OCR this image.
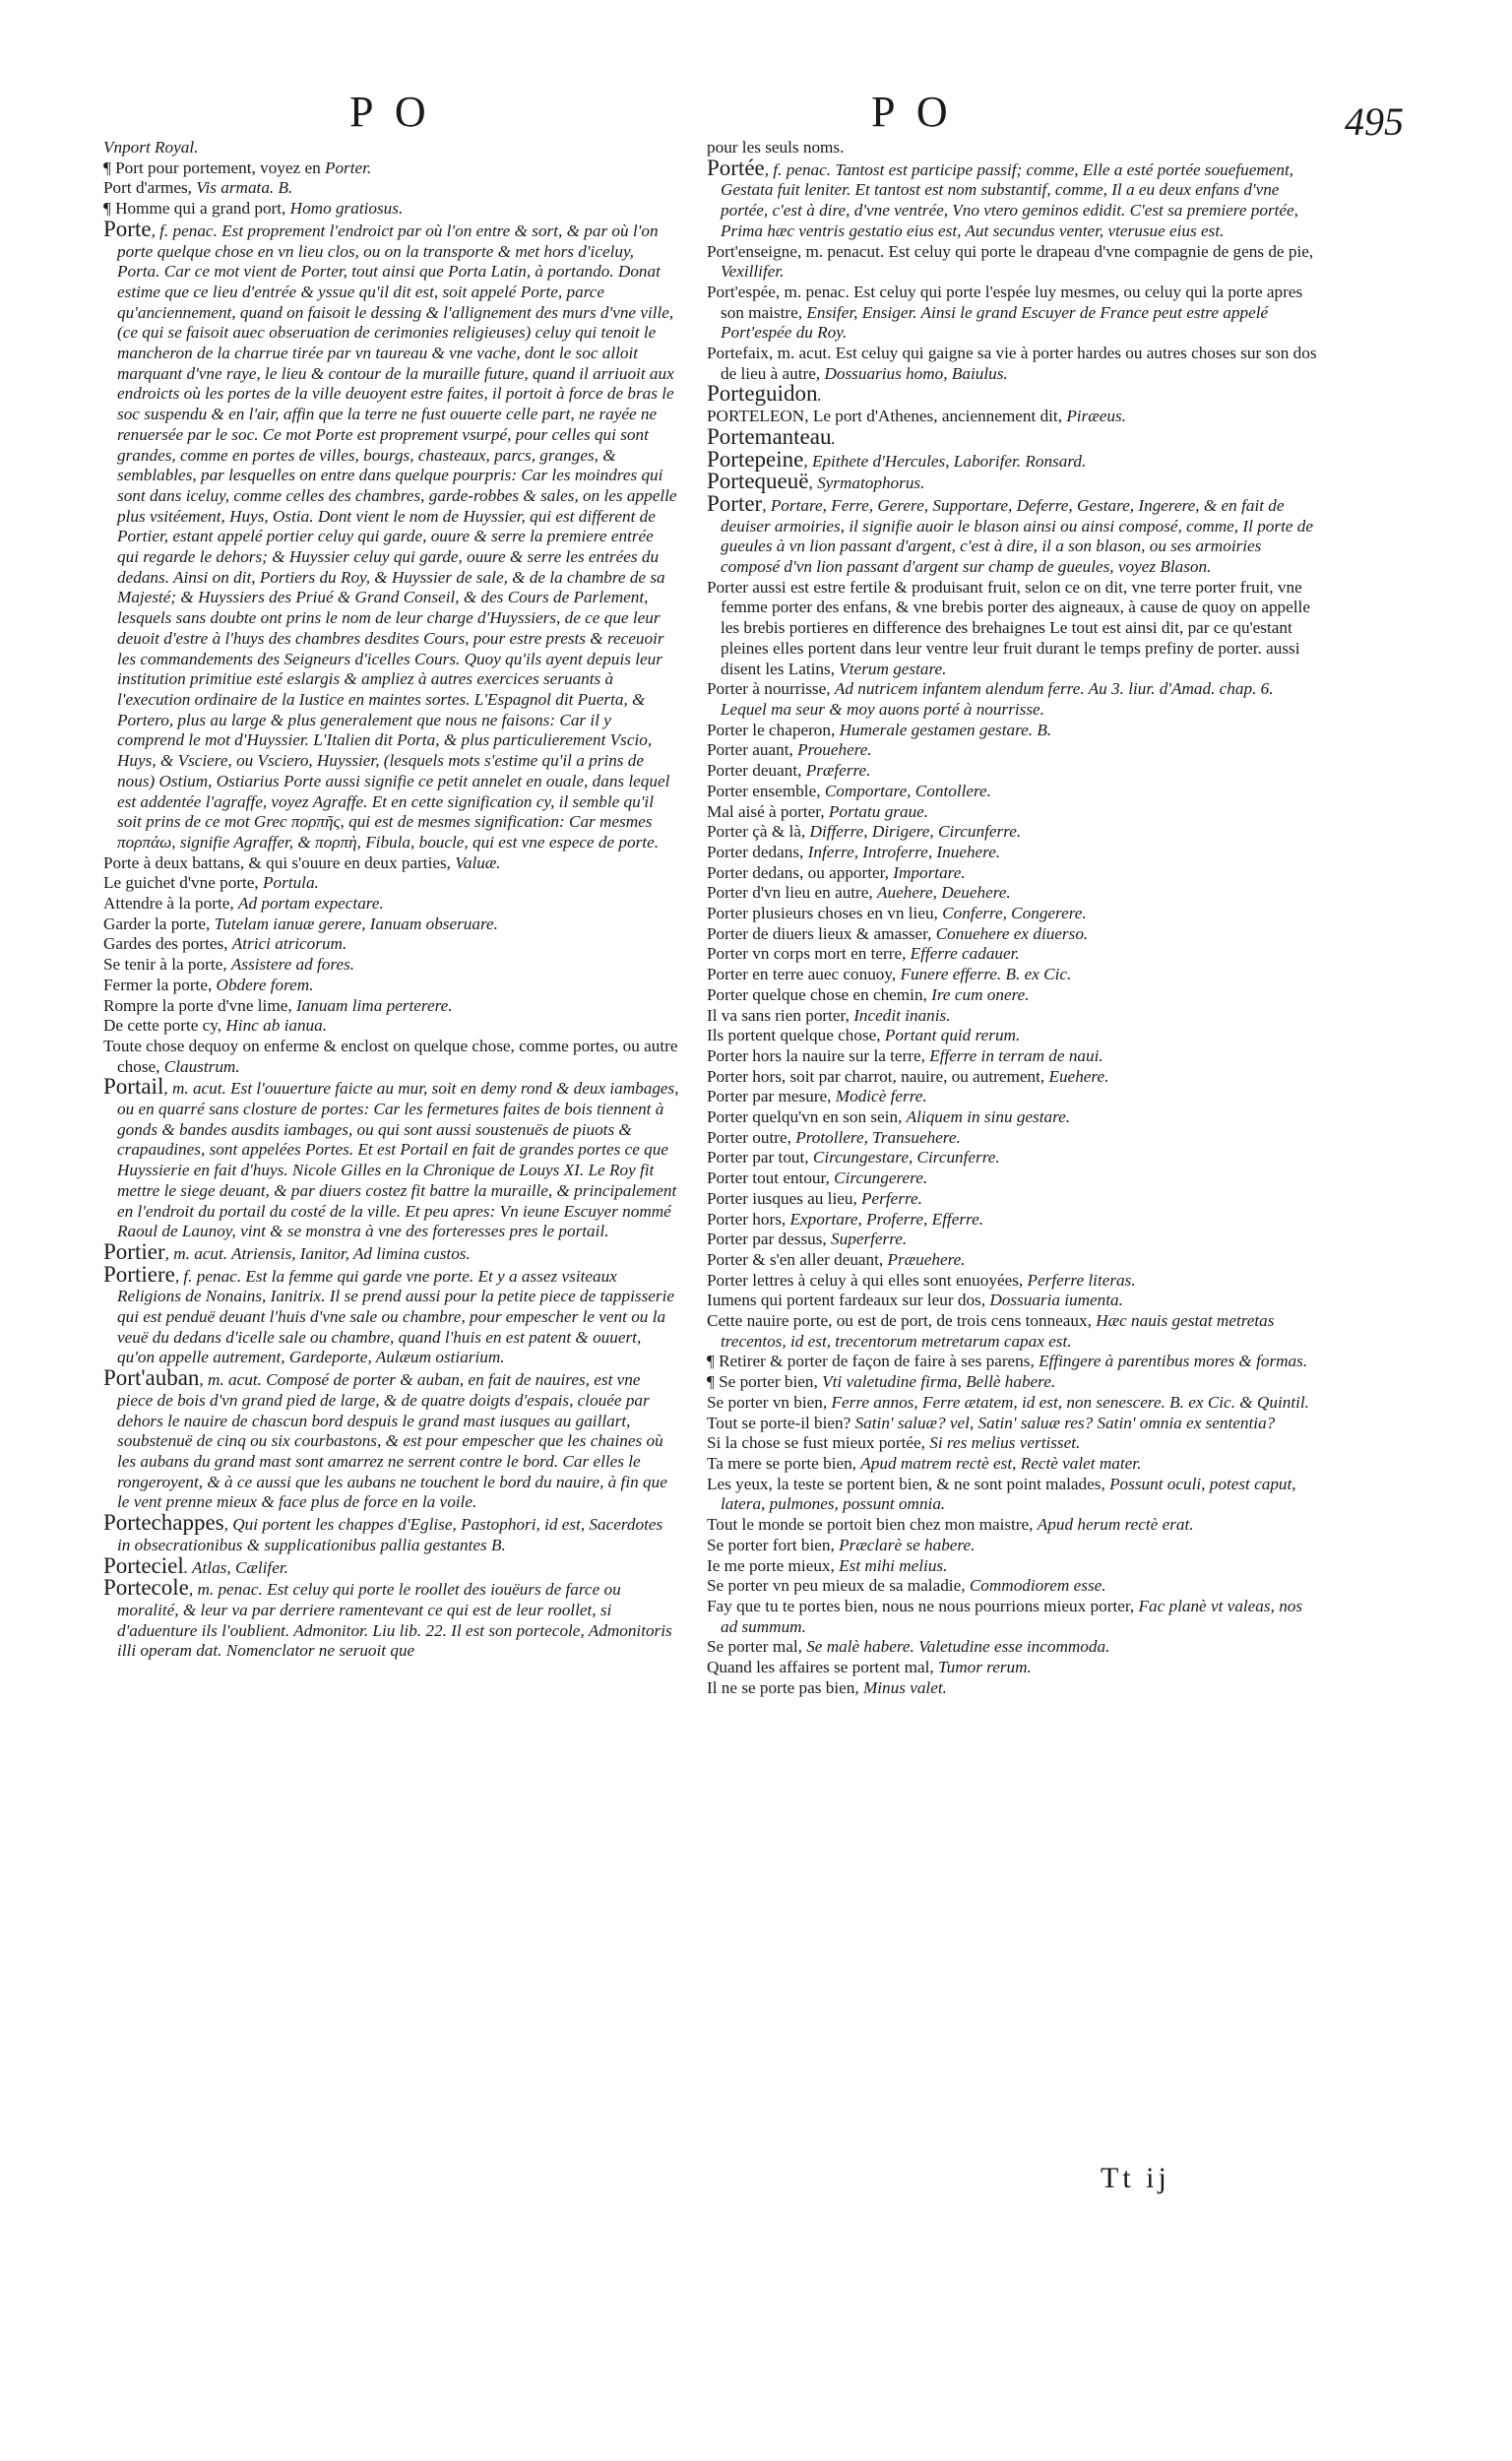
P O	P O	495

Vnport Royal.

¶ Port pour portement, voyez en Porter.

Port d'armes, Vis armata. B.

¶ Homme qui a grand port, Homo gratiosus.

Porte, f. penac. Est proprement l'endroict par où l'on entre & sort, & par où l'on porte quelque chose en vn lieu clos, ou on la transporte & met hors d'iceluy, Porta. Car ce mot vient de Porter, tout ainsi que Porta Latin, à portando. Donat estime que ce lieu d'entrée & yssue qu'il dit est, soit appelé Porte, parce qu'anciennement, quand on faisoit le dessing & l'allignement des murs d'vne ville, (ce qui se faisoit auec obseruation de cerimonies religieuses) celuy qui tenoit le mancheron de la charrue tirée par vn taureau & vne vache, dont le soc alloit marquant d'vne raye, le lieu & contour de la muraille future, quand il arriuoit aux endroicts où les portes de la ville deuoyent estre faites, il portoit à force de bras le soc suspendu & en l'air, affin que la terre ne fust ouuerte celle part, ne rayée ne renuersée par le soc. Ce mot Porte est proprement vsurpé, pour celles qui sont grandes, comme en portes de villes, bourgs, chasteaux, parcs, granges, & semblables, par lesquelles on entre dans quelque pourpris: Car les moindres qui sont dans iceluy, comme celles des chambres, garde-robbes & sales, on les appelle plus vsitéement, Huys, Ostia. Dont vient le nom de Huyssier, qui est different de Portier, estant appelé portier celuy qui garde, ouure & serre la premiere entrée qui regarde le dehors; & Huyssier celuy qui garde, ouure & serre les entrées du dedans. Ainsi on dit, Portiers du Roy, & Huyssier de sale, & de la chambre de sa Majesté; & Huyssiers des Priué & Grand Conseil, & des Cours de Parlement, lesquels sans doubte ont prins le nom de leur charge d'Huyssiers, de ce que leur deuoit d'estre à l'huys des chambres desdites Cours, pour estre prests & receuoir les commandements des Seigneurs d'icelles Cours. Quoy qu'ils ayent depuis leur institution primitiue esté eslargis & ampliez à autres exercices seruants à l'execution ordinaire de la Iustice en maintes sortes. L'Espagnol dit Puerta, & Portero, plus au large & plus generalement que nous ne faisons: Car il y comprend le mot d'Huyssier. L'Italien dit Porta, & plus particulierement Vscio, Huys, & Vsciere, ou Vsciero, Huyssier, (lesquels mots s'estime qu'il a prins de nous) Ostium, Ostiarius Porte aussi signifie ce petit annelet en ouale, dans lequel est addentée l'agraffe, voyez Agraffe. Et en cette signification cy, il semble qu'il soit prins de ce mot Grec πορπῆς, qui est de mesmes signification: Car mesmes πορπάω, signifie Agraffer, & πορπὴ, Fibula, boucle, qui est vne espece de porte.

Porte à deux battans, & qui s'ouure en deux parties, Valuæ.

Le guichet d'vne porte, Portula.

Attendre à la porte, Ad portam expectare.

Garder la porte, Tutelam ianuæ gerere, Ianuam obseruare.

Gardes des portes, Atrici atricorum.

Se tenir à la porte, Assistere ad fores.

Fermer la porte, Obdere forem.

Rompre la porte d'vne lime, Ianuam lima perterere.

De cette porte cy, Hinc ab ianua.

Toute chose dequoy on enferme & enclost on quelque chose, comme portes, ou autre chose, Claustrum.

Portail, m. acut. Est l'ouuerture faicte au mur, soit en demy rond & deux iambages, ou en quarré sans closture de portes: Car les fermetures faites de bois tiennent à gonds & bandes ausdits iambages, ou qui sont aussi soustenuës de piuots & crapaudines, sont appelées Portes. Et est Portail en fait de grandes portes ce que Huyssierie en fait d'huys. Nicole Gilles en la Chronique de Louys XI. Le Roy fit mettre le siege deuant, & par diuers costez fit battre la muraille, & principalement en l'endroit du portail du costé de la ville. Et peu apres: Vn ieune Escuyer nommé Raoul de Launoy, vint & se monstra à vne des forteresses pres le portail.

Portier, m. acut. Atriensis, Ianitor, Ad limina custos.

Portiere, f. penac. Est la femme qui garde vne porte. Et y a assez vsiteaux Religions de Nonains, Ianitrix. Il se prend aussi pour la petite piece de tappisserie qui est penduë deuant l'huis d'vne sale ou chambre, pour empescher le vent ou la veuë du dedans d'icelle sale ou chambre, quand l'huis en est patent & ouuert, qu'on appelle autrement, Gardeporte, Aulæum ostiarium.

Port'auban, m. acut. Composé de porter & auban, en fait de nauires, est vne piece de bois d'vn grand pied de large, & de quatre doigts d'espais, clouée par dehors le nauire de chascun bord despuis le grand mast iusques au gaillart, soubstenuë de cinq ou six courbastons, & est pour empescher que les chaines où les aubans du grand mast sont amarrez ne serrent contre le bord. Car elles le rongeroyent, & à ce aussi que les aubans ne touchent le bord du nauire, à fin que le vent prenne mieux & face plus de force en la voile.

Portechappes, Qui portent les chappes d'Eglise, Pastophori, id est, Sacerdotes in obsecrationibus & supplicationibus pallia gestantes B.

Porteciel. Atlas, Cælifer.

Portecole, m. penac. Est celuy qui porte le roollet des iouëurs de farce ou moralité, & leur va par derriere ramentevant ce qui est de leur roollet, si d'aduenture ils l'oublient. Admonitor. Liu lib. 22. Il est son portecole, Admonitoris illi operam dat. Nomenclator ne seruoit que

pour les seuls noms.

Portée, f. penac. Tantost est participe passif; comme, Elle a esté portée souefuement, Gestata fuit leniter. Et tantost est nom substantif, comme, Il a eu deux enfans d'vne portée, c'est à dire, d'vne ventrée, Vno vtero geminos edidit. C'est sa premiere portée, Prima hæc ventris gestatio eius est, Aut secundus venter, vterusue eius est.

Port'enseigne, m. penacut. Est celuy qui porte le drapeau d'vne compagnie de gens de pie, Vexillifer.

Port'espée, m. penac. Est celuy qui porte l'espée luy mesmes, ou celuy qui la porte apres son maistre, Ensifer, Ensiger. Ainsi le grand Escuyer de France peut estre appelé Port'espée du Roy.

Portefaix, m. acut. Est celuy qui gaigne sa vie à porter hardes ou autres choses sur son dos de lieu à autre, Dossuarius homo, Baiulus.

Porteguidon.

PORTELEON, Le port d'Athenes, anciennement dit, Piræeus.

Portemanteau.

Portepeine, Epithete d'Hercules, Laborifer. Ronsard.

Portequeuë, Syrmatophorus.

Porter, Portare, Ferre, Gerere, Supportare, Deferre, Gestare, Ingerere, & en fait de deuiser armoiries, il signifie auoir le blason ainsi ou ainsi composé, comme, Il porte de gueules à vn lion passant d'argent, c'est à dire, il a son blason, ou ses armoiries composé d'vn lion passant d'argent sur champ de gueules, voyez Blason.

Porter aussi est estre fertile & produisant fruit, selon ce on dit, vne terre porter fruit, vne femme porter des enfans, & vne brebis porter des aigneaux, à cause de quoy on appelle les brebis portieres en difference des brehaignes Le tout est ainsi dit, par ce qu'estant pleines elles portent dans leur ventre leur fruit durant le temps prefiny de porter. aussi disent les Latins, Vterum gestare.

Porter à nourrisse, Ad nutricem infantem alendum ferre. Au 3. liur. d'Amad. chap. 6. Lequel ma seur & moy auons porté à nourrisse.

Porter le chaperon, Humerale gestamen gestare. B.

Porter auant, Prouehere.

Porter deuant, Præferre.

Porter ensemble, Comportare, Contollere.

Mal aisé à porter, Portatu graue.

Porter çà & là, Differre, Dirigere, Circunferre.

Porter dedans, Inferre, Introferre, Inuehere.

Porter dedans, ou apporter, Importare.

Porter d'vn lieu en autre, Auehere, Deuehere.

Porter plusieurs choses en vn lieu, Conferre, Congerere.

Porter de diuers lieux & amasser, Conuehere ex diuerso.

Porter vn corps mort en terre, Efferre cadauer.

Porter en terre auec conuoy, Funere efferre. B. ex Cic.

Porter quelque chose en chemin, Ire cum onere.

Il va sans rien porter, Incedit inanis.

Ils portent quelque chose, Portant quid rerum.

Porter hors la nauire sur la terre, Efferre in terram de naui.

Porter hors, soit par charrot, nauire, ou autrement, Euehere.

Porter par mesure, Modicè ferre.

Porter quelqu'vn en son sein, Aliquem in sinu gestare.

Porter outre, Protollere, Transuehere.

Porter par tout, Circungestare, Circunferre.

Porter tout entour, Circungerere.

Porter iusques au lieu, Perferre.

Porter hors, Exportare, Proferre, Efferre.

Porter par dessus, Superferre.

Porter & s'en aller deuant, Præuehere.

Porter lettres à celuy à qui elles sont enuoyées, Perferre literas.

Iumens qui portent fardeaux sur leur dos, Dossuaria iumenta.

Cette nauire porte, ou est de port, de trois cens tonneaux, Hæc nauis gestat metretas trecentos, id est, trecentorum metretarum capax est.

¶ Retirer & porter de façon de faire à ses parens, Effingere à parentibus mores & formas.

¶ Se porter bien, Vti valetudine firma, Bellè habere.

Se porter vn bien, Ferre annos, Ferre ætatem, id est, non senescere. B. ex Cic. & Quintil.

Tout se porte-il bien? Satin' saluæ? vel, Satin' saluæ res? Satin' omnia ex sententia?

Si la chose se fust mieux portée, Si res melius vertisset.

Ta mere se porte bien, Apud matrem rectè est, Rectè valet mater.

Les yeux, la teste se portent bien, & ne sont point malades, Possunt oculi, potest caput, latera, pulmones, possunt omnia.

Tout le monde se portoit bien chez mon maistre, Apud herum rectè erat.

Se porter fort bien, Præclarè se habere.

Ie me porte mieux, Est mihi melius.

Se porter vn peu mieux de sa maladie, Commodiorem esse.

Fay que tu te portes bien, nous ne nous pourrions mieux porter, Fac planè vt valeas, nos ad summum.

Se porter mal, Se malè habere. Valetudine esse incommoda.

Quand les affaires se portent mal, Tumor rerum.

Il ne se porte pas bien, Minus valet.

Tt ij
